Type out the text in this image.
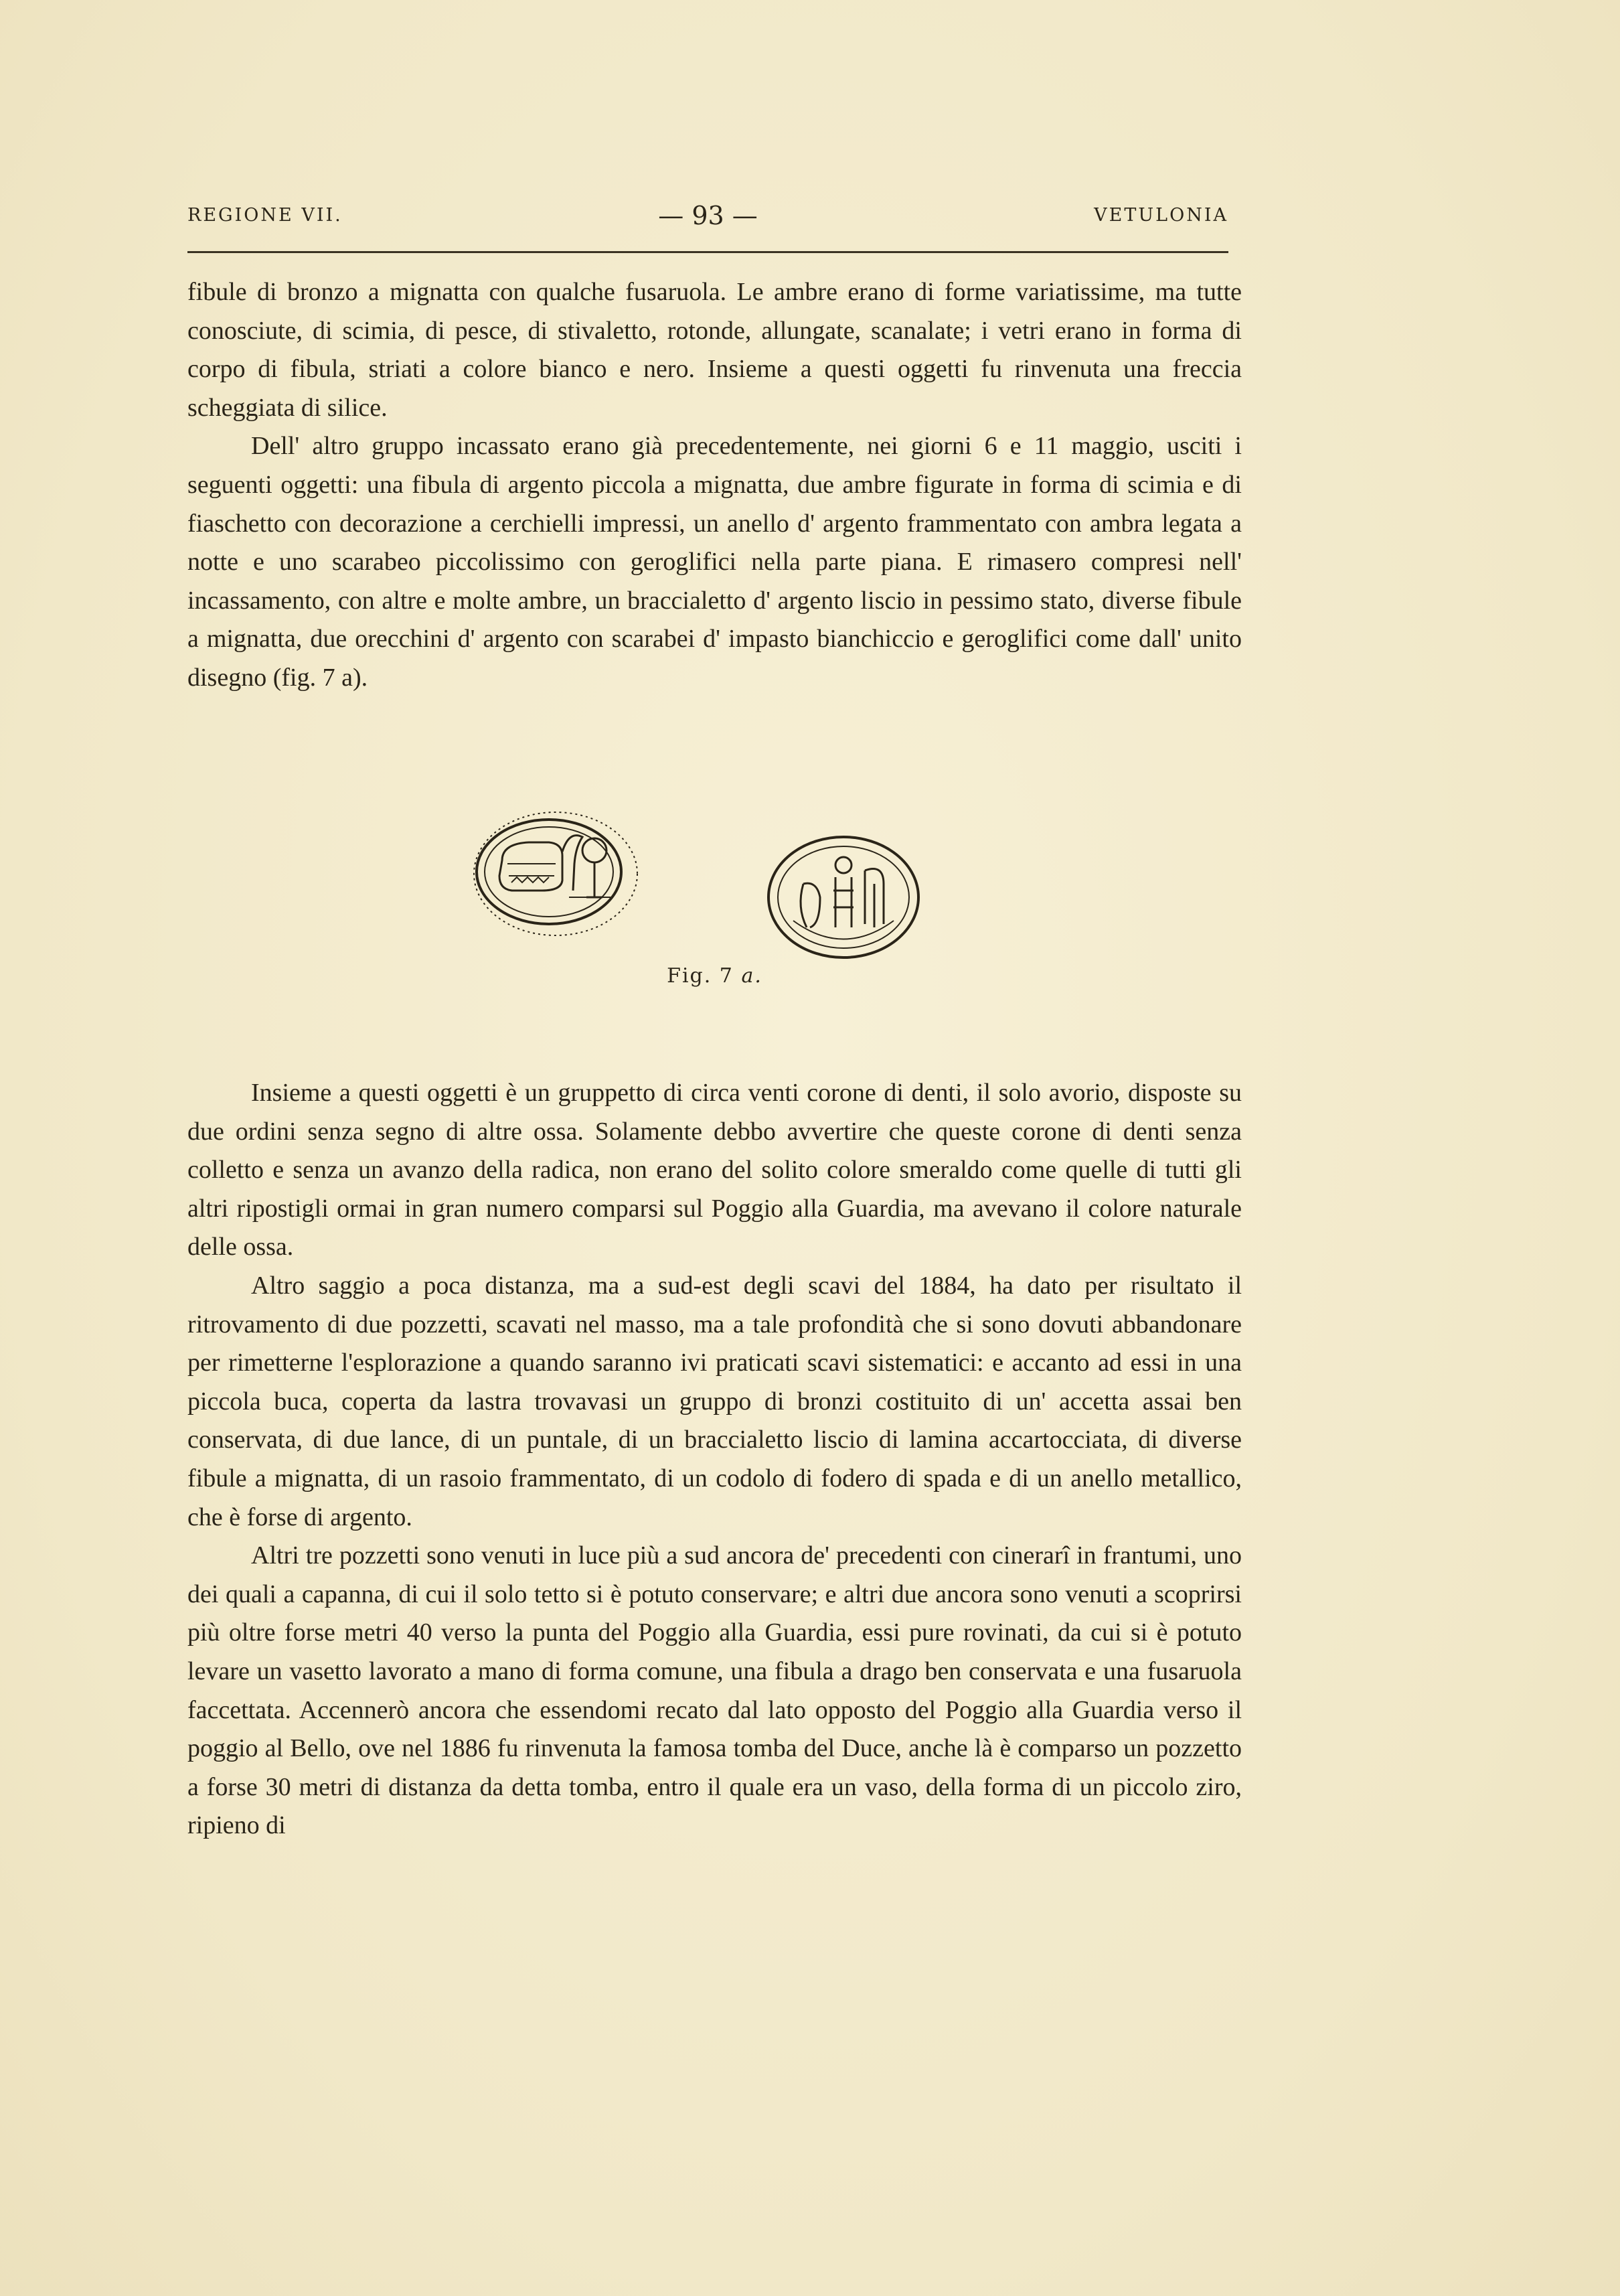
REGIONE VII.	— 93 —	VETULONIA

fibule di bronzo a mignatta con qualche fusaruola. Le ambre erano di forme variatissime, ma tutte conosciute, di scimia, di pesce, di stivaletto, rotonde, allungate, scanalate; i vetri erano in forma di corpo di fibula, striati a colore bianco e nero. Insieme a questi oggetti fu rinvenuta una freccia scheggiata di silice.

Dell' altro gruppo incassato erano già precedentemente, nei giorni 6 e 11 maggio, usciti i seguenti oggetti: una fibula di argento piccola a mignatta, due ambre figurate in forma di scimia e di fiaschetto con decorazione a cerchielli impressi, un anello d' argento frammentato con ambra legata a notte e uno scarabeo piccolissimo con geroglifici nella parte piana. E rimasero compresi nell' incassamento, con altre e molte ambre, un braccialetto d' argento liscio in pessimo stato, diverse fibule a mignatta, due orecchini d' argento con scarabei d' impasto bianchiccio e geroglifici come dall' unito disegno (fig. 7 a).

Fig. 7 a.

Insieme a questi oggetti è un gruppetto di circa venti corone di denti, il solo avorio, disposte su due ordini senza segno di altre ossa. Solamente debbo avvertire che queste corone di denti senza colletto e senza un avanzo della radica, non erano del solito colore smeraldo come quelle di tutti gli altri ripostigli ormai in gran numero comparsi sul Poggio alla Guardia, ma avevano il colore naturale delle ossa.

Altro saggio a poca distanza, ma a sud-est degli scavi del 1884, ha dato per risultato il ritrovamento di due pozzetti, scavati nel masso, ma a tale profondità che si sono dovuti abbandonare per rimetterne l'esplorazione a quando saranno ivi praticati scavi sistematici: e accanto ad essi in una piccola buca, coperta da lastra trovavasi un gruppo di bronzi costituito di un' accetta assai ben conservata, di due lance, di un puntale, di un braccialetto liscio di lamina accartocciata, di diverse fibule a mignatta, di un rasoio frammentato, di un codolo di fodero di spada e di un anello metallico, che è forse di argento.

Altri tre pozzetti sono venuti in luce più a sud ancora de' precedenti con cinerarî in frantumi, uno dei quali a capanna, di cui il solo tetto si è potuto conservare; e altri due ancora sono venuti a scoprirsi più oltre forse metri 40 verso la punta del Poggio alla Guardia, essi pure rovinati, da cui si è potuto levare un vasetto lavorato a mano di forma comune, una fibula a drago ben conservata e una fusaruola faccettata. Accennerò ancora che essendomi recato dal lato opposto del Poggio alla Guardia verso il poggio al Bello, ove nel 1886 fu rinvenuta la famosa tomba del Duce, anche là è comparso un pozzetto a forse 30 metri di distanza da detta tomba, entro il quale era un vaso, della forma di un piccolo ziro, ripieno di
